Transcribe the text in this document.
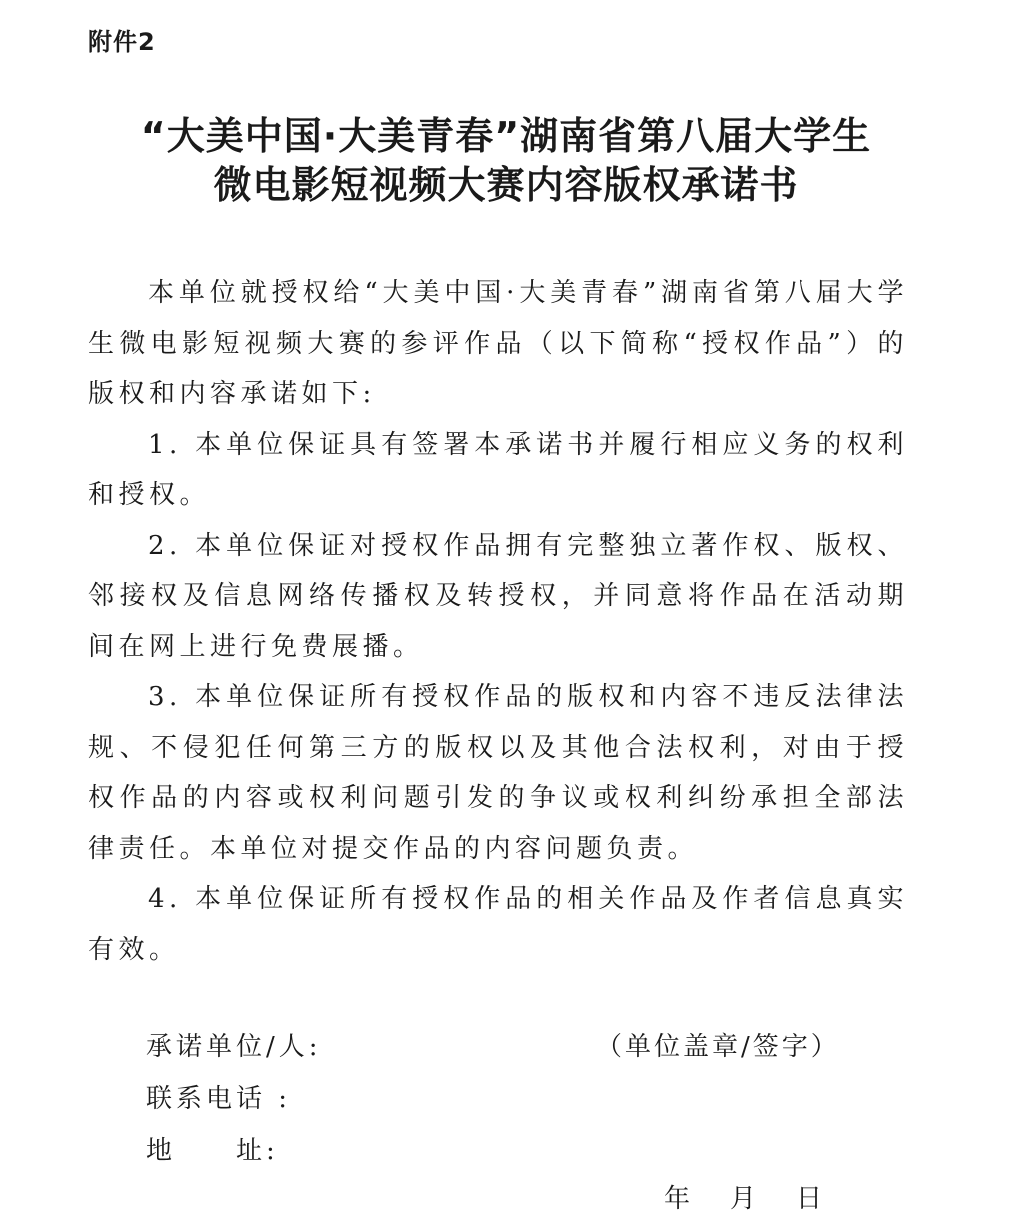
附件2
“大美中国·大美青春”湖南省第八届大学生
微电影短视频大赛内容版权承诺书

本单位就授权给“大美中国·大美青春”湖南省第八届大学生微电影短视频大赛的参评作品（以下简称“授权作品”）的版权和内容承诺如下:

1. 本单位保证具有签署本承诺书并履行相应义务的权利和授权。

2. 本单位保证对授权作品拥有完整独立著作权、版权、邻接权及信息网络传播权及转授权，并同意将作品在活动期间在网上进行免费展播。

3. 本单位保证所有授权作品的版权和内容不违反法律法规、不侵犯任何第三方的版权以及其他合法权利，对由于授权作品的内容或权利问题引发的争议或权利纠纷承担全部法律责任。本单位对提交作品的内容问题负责。

4. 本单位保证所有授权作品的相关作品及作者信息真实有效。

承诺单位/人:	（单位盖章/签字）
联系电话 :
地　　址:
年 月 日
